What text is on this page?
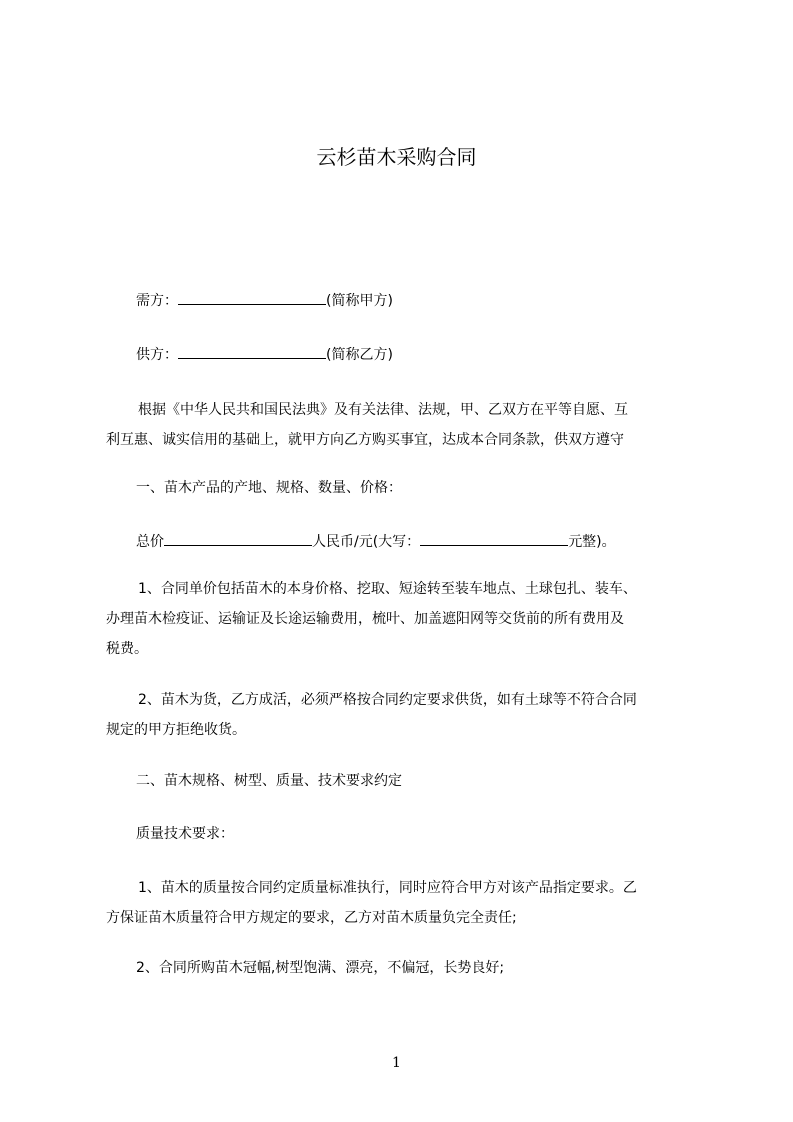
云杉苗木采购合同
需方：	(简称甲方)
供方：	(简称乙方)
根据《中华人民共和国民法典》及有关法律、法规，甲、乙双方在平等自愿、互
利互惠、诚实信用的基础上，就甲方向乙方购买事宜，达成本合同条款，供双方遵守
一、苗木产品的产地、规格、数量、价格：
总价	人民币/元(大写：	元整)。
1、合同单价包括苗木的本身价格、挖取、短途转至装车地点、土球包扎、装车、
办理苗木检疫证、运输证及长途运输费用，梳叶、加盖遮阳网等交货前的所有费用及
税费。
2、苗木为货，乙方成活，必须严格按合同约定要求供货，如有土球等不符合合同
规定的甲方拒绝收货。
二、苗木规格、树型、质量、技术要求约定
质量技术要求：
1、苗木的质量按合同约定质量标准执行，同时应符合甲方对该产品指定要求。乙
方保证苗木质量符合甲方规定的要求，乙方对苗木质量负完全责任;
2、合同所购苗木冠幅,树型饱满、漂亮，不偏冠，长势良好;
1
